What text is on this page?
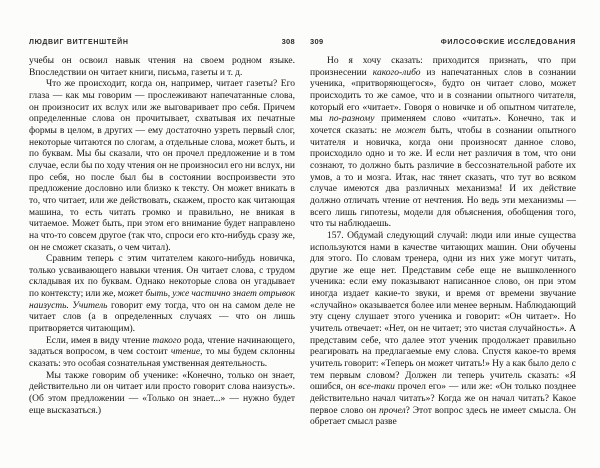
ЛЮДВИГ ВИТГЕНШТЕЙН	308

учебы он освоил навык чтения на своем родном языке. Впоследствии он читает книги, письма, газеты и т. д.

Что же происходит, когда он, например, читает газеты? Его глаза — как мы говорим — прослеживают напечатанные слова, он произносит их вслух или же выговаривает про себя. Причем определенные слова он прочитывает, схватывая их печатные формы в целом, в других — ему достаточно узреть первый слог, некоторые читаются по слогам, а отдельные слова, может быть, и по буквам. Мы бы сказали, что он прочел предложение и в том случае, если бы по ходу чтения он не произносил его ни вслух, ни про себя, но после был бы в состоянии воспроизвести это предложение дословно или близко к тексту. Он может вникать в то, что читает, или же действовать, скажем, просто как читающая машина, то есть читать громко и правильно, не вникая в читаемое. Может быть, при этом его внимание будет направлено на что-то совсем другое (так что, спроси его кто-нибудь сразу же, он не сможет сказать, о чем читал).

Сравним теперь с этим читателем какого-нибудь новичка, только усваивающего навыки чтения. Он читает слова, с трудом складывая их по буквам. Однако некоторые слова он угадывает по контексту; или же, может быть, уже частично знает отрывок наизусть. Учитель говорит ему тогда, что он на самом деле не читает слов (а в определенных случаях — что он лишь притворяется читающим).

Если, имея в виду чтение такого рода, чтение начинающего, задаться вопросом, в чем состоит чтение, то мы будем склонны сказать: это особая сознательная умственная деятельность.

Мы также говорим об ученике: «Конечно, только он знает, действительно ли он читает или просто говорит слова наизусть». (Об этом предложении — «Только он знает...» — нужно будет еще высказаться.)

309	ФИЛОСОФСКИЕ ИССЛЕДОВАНИЯ

Но я хочу сказать: приходится признать, что при произнесении какого-либо из напечатанных слов в сознании ученика, «притворяющегося», будто он читает слово, может происходить то же самое, что и в сознании опытного читателя, который его «читает». Говоря о новичке и об опытном читателе, мы по-разному применяем слово «читать». Конечно, так и хочется сказать: не может быть, чтобы в сознании опытного читателя и новичка, когда они произносят данное слово, происходило одно и то же. И если нет различия в том, что они сознают, то должно быть различие в бессознательной работе их умов, а то и мозга. Итак, нас тянет сказать, что тут во всяком случае имеются два различных механизма! И их действие должно отличать чтение от нечтения. Но ведь эти механизмы — всего лишь гипотезы, модели для объяснения, обобщения того, что ты наблюдаешь.

157. Обдумай следующий случай: люди или иные существа используются нами в качестве читающих машин. Они обучены для этого. По словам тренера, одни из них уже могут читать, другие же еще нет. Представим себе еще не вышколенного ученика: если ему показывают написанное слово, он при этом иногда издает какие-то звуки, и время от времени звучание «случайно» оказывается более или менее верным. Наблюдающий эту сцену слушает этого ученика и говорит: «Он читает». Но учитель отвечает: «Нет, он не читает; это чистая случайность». А представим себе, что далее этот ученик продолжает правильно реагировать на предлагаемые ему слова. Спустя какое-то время учитель говорит: «Теперь он может читать!» Ну а как было дело с тем первым словом? Должен ли теперь учитель сказать: «Я ошибся, он все-таки прочел его» — или же: «Он только позднее действительно начал читать»? Когда же он начал читать? Какое первое слово он прочел? Этот вопрос здесь не имеет смысла. Он обретает смысл разве
